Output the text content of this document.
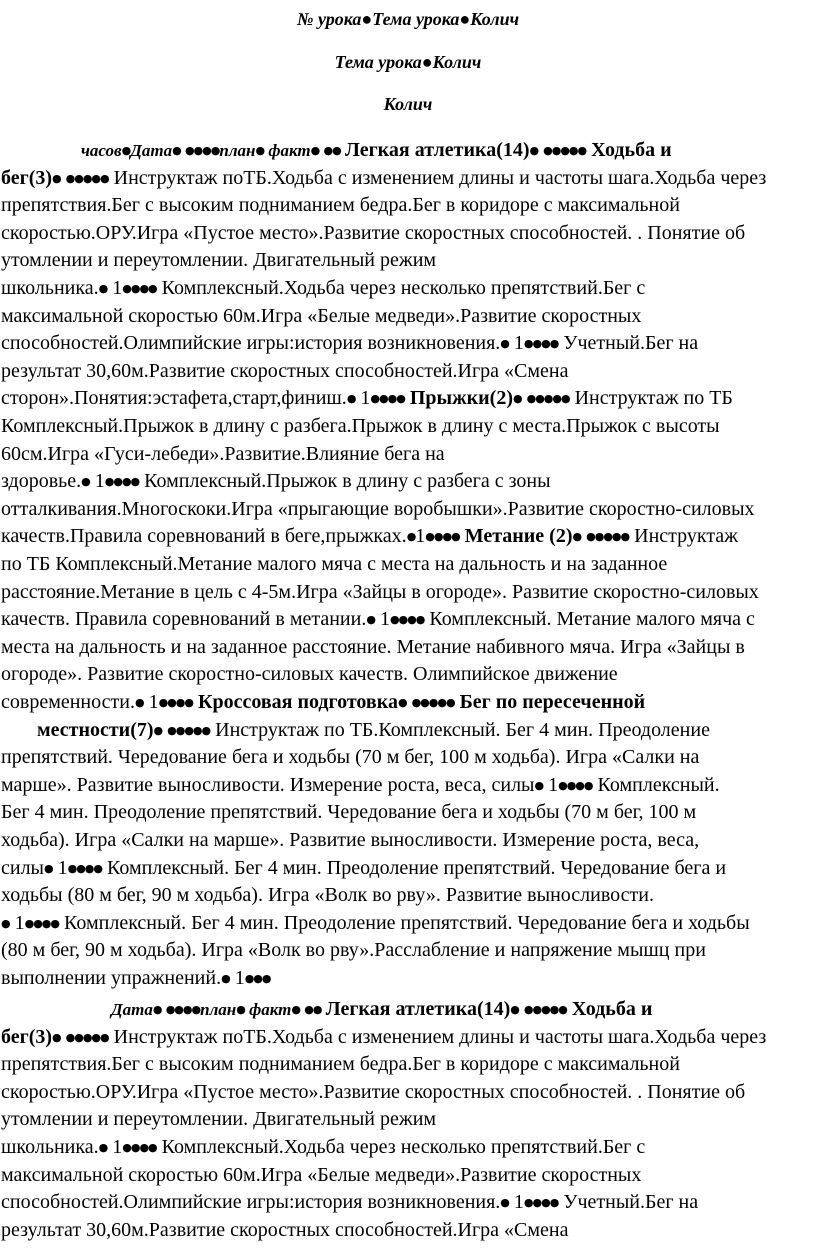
№ урока●Тема урока●Колич
Тема урока●Колич
Колич
часов●Дата● ●●●●план● факт● ●● Легкая атлетика(14)● ●●●●● Ходьба и
бег(3)● ●●●●● Инструктаж поТБ.Ходьба с изменением длины и частоты шага.Ходьба через
препятствия.Бег с высоким подниманием бедра.Бег в коридоре с максимальной
скоростью.ОРУ.Игра «Пустое место».Развитие скоростных способностей. . Понятие об
утомлении и переутомлении. Двигательный режим
школьника.● 1●●●● Комплексный.Ходьба через несколько препятствий.Бег с
максимальной скоростью 60м.Игра «Белые медведи».Развитие скоростных
способностей.Олимпийские игры:история возникновения.● 1●●●● Учетный.Бег на
результат 30,60м.Развитие скоростных способностей.Игра «Смена
сторон».Понятия:эстафета,старт,финиш.● 1●●●● Прыжки(2)● ●●●●● Инструктаж по ТБ
Комплексный.Прыжок в длину с разбега.Прыжок в длину с места.Прыжок с высоты
60см.Игра «Гуси-лебеди».Развитие.Влияние бега на
здоровье.● 1●●●● Комплексный.Прыжок в длину с разбега с зоны
отталкивания.Многоскоки.Игра «прыгающие воробышки».Развитие скоростно-силовых
качеств.Правила соревнований в беге,прыжках.●1●●●● Метание (2)● ●●●●● Инструктаж
по ТБ Комплексный.Метание малого мяча с места на дальность и на заданное
расстояние.Метание в цель с 4-5м.Игра «Зайцы в огороде». Развитие скоростно-силовых
качеств. Правила соревнований в метании.● 1●●●● Комплексный. Метание малого мяча с
места на дальность и на заданное расстояние. Метание набивного мяча. Игра «Зайцы в
огороде». Развитие скоростно-силовых качеств. Олимпийское движение
современности.● 1●●●● Кроссовая подготовка● ●●●●● Бег по пересеченной
местности(7)● ●●●●● Инструктаж по ТБ.Комплексный. Бег 4 мин. Преодоление
препятствий. Чередование бега и ходьбы (70 м бег, 100 м ходьба). Игра «Салки на
марше». Развитие выносливости. Измерение роста, веса, силы● 1●●●● Комплексный.
Бег 4 мин. Преодоление препятствий. Чередование бега и ходьбы (70 м бег, 100 м
ходьба). Игра «Салки на марше». Развитие выносливости. Измерение роста, веса,
силы● 1●●●● Комплексный. Бег 4 мин. Преодоление препятствий. Чередование бега и
ходьбы (80 м бег, 90 м ходьба). Игра «Волк во рву». Развитие выносливости.
● 1●●●● Комплексный. Бег 4 мин. Преодоление препятствий. Чередование бега и ходьбы
(80 м бег, 90 м ходьба). Игра «Волк во рву».Расслабление и напряжение мышц при
выполнении упражнений.● 1●●●
Дата● ●●●●план● факт● ●● Легкая атлетика(14)● ●●●●● Ходьба и
бег(3)● ●●●●● Инструктаж поТБ.Ходьба с изменением длины и частоты шага.Ходьба через
препятствия.Бег с высоким подниманием бедра.Бег в коридоре с максимальной
скоростью.ОРУ.Игра «Пустое место».Развитие скоростных способностей. . Понятие об
утомлении и переутомлении. Двигательный режим
школьника.● 1●●●● Комплексный.Ходьба через несколько препятствий.Бег с
максимальной скоростью 60м.Игра «Белые медведи».Развитие скоростных
способностей.Олимпийские игры:история возникновения.● 1●●●● Учетный.Бег на
результат 30,60м.Развитие скоростных способностей.Игра «Смена
